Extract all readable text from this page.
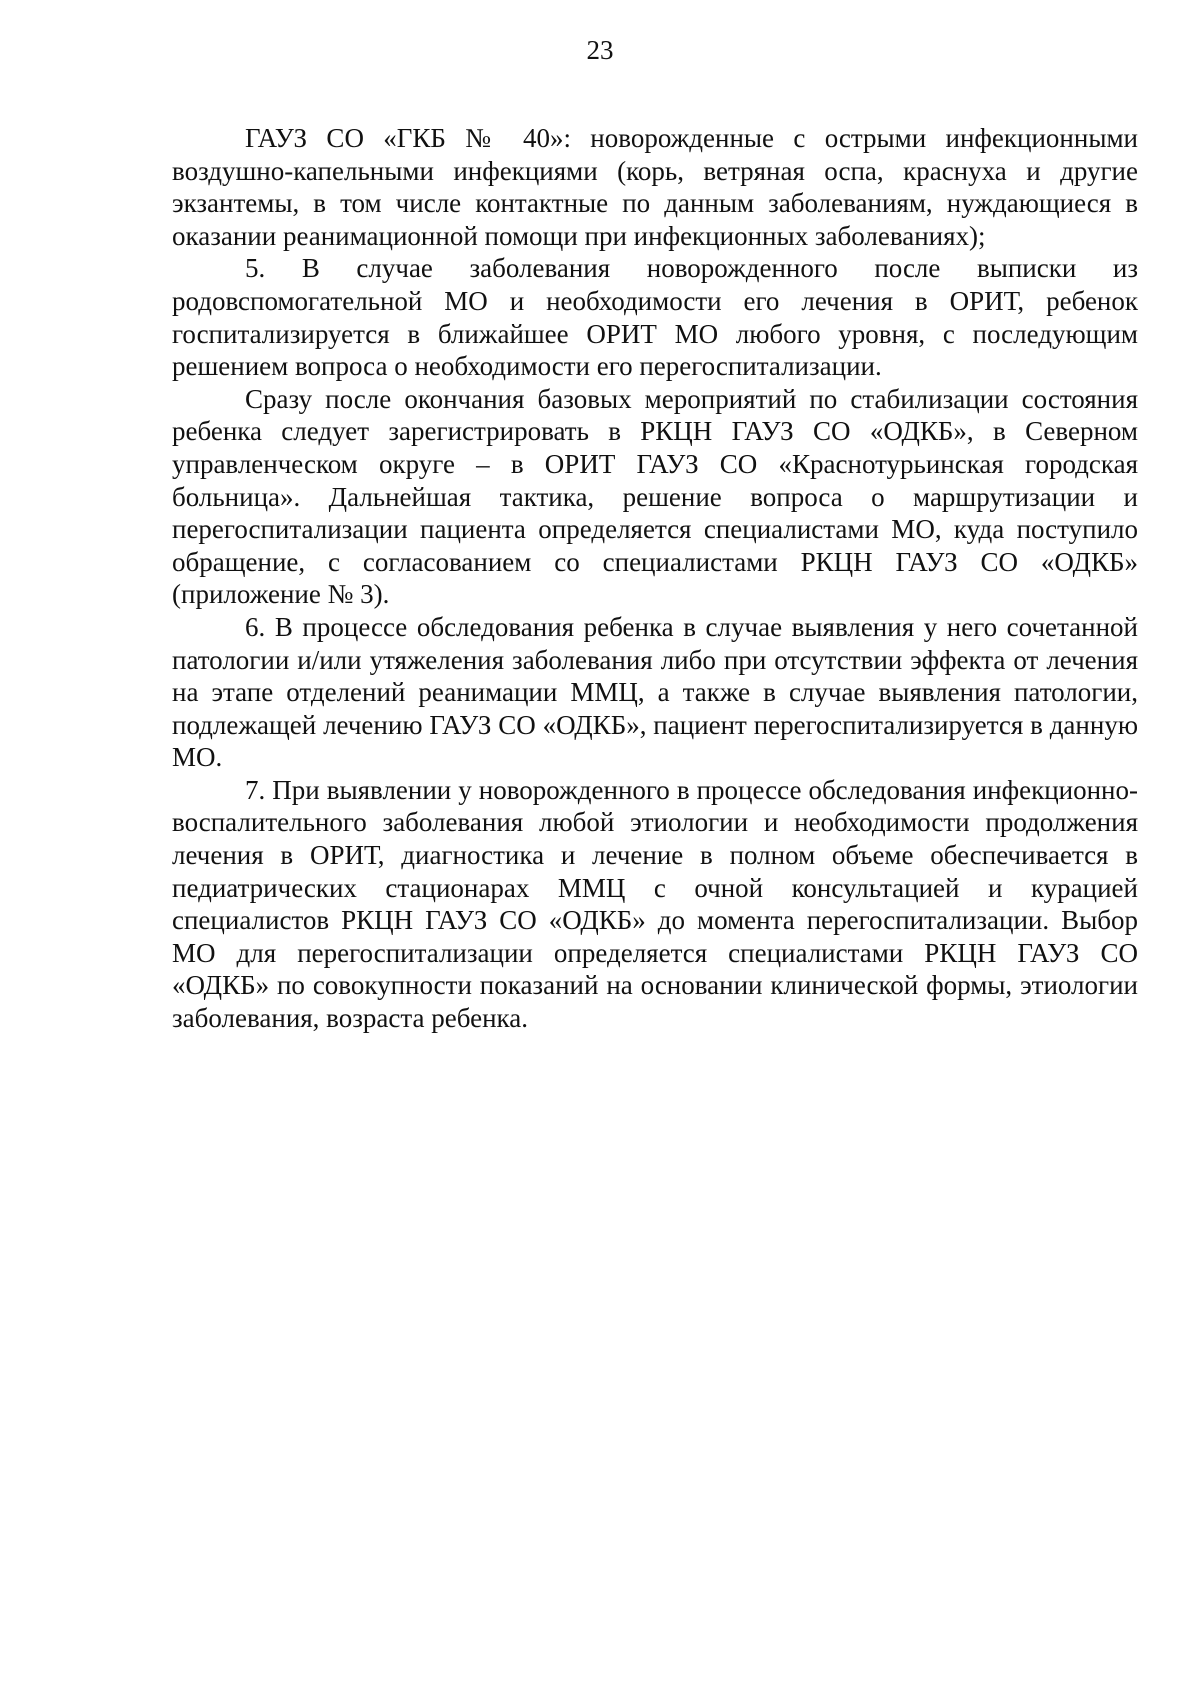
23

ГАУЗ СО «ГКБ № 40»: новорожденные с острыми инфекционными воздушно-капельными инфекциями (корь, ветряная оспа, краснуха и другие экзантемы, в том числе контактные по данным заболеваниям, нуждающиеся в оказании реанимационной помощи при инфекционных заболеваниях);

5. В случае заболевания новорожденного после выписки из родовспомогательной МО и необходимости его лечения в ОРИТ, ребенок госпитализируется в ближайшее ОРИТ МО любого уровня, с последующим решением вопроса о необходимости его перегоспитализации.

Сразу после окончания базовых мероприятий по стабилизации состояния ребенка следует зарегистрировать в РКЦН ГАУЗ СО «ОДКБ», в Северном управленческом округе – в ОРИТ ГАУЗ СО «Краснотурьинская городская больница». Дальнейшая тактика, решение вопроса о маршрутизации и перегоспитализации пациента определяется специалистами МО, куда поступило обращение, с согласованием со специалистами РКЦН ГАУЗ СО «ОДКБ» (приложение № 3).

6. В процессе обследования ребенка в случае выявления у него сочетанной патологии и/или утяжеления заболевания либо при отсутствии эффекта от лечения на этапе отделений реанимации ММЦ, а также в случае выявления патологии, подлежащей лечению ГАУЗ СО «ОДКБ», пациент перегоспитализируется в данную МО.

7. При выявлении у новорожденного в процессе обследования инфекционно-воспалительного заболевания любой этиологии и необходимости продолжения лечения в ОРИТ, диагностика и лечение в полном объеме обеспечивается в педиатрических стационарах ММЦ с очной консультацией и курацией специалистов РКЦН ГАУЗ СО «ОДКБ» до момента перегоспитализации. Выбор МО для перегоспитализации определяется специалистами РКЦН ГАУЗ СО «ОДКБ» по совокупности показаний на основании клинической формы, этиологии заболевания, возраста ребенка.
